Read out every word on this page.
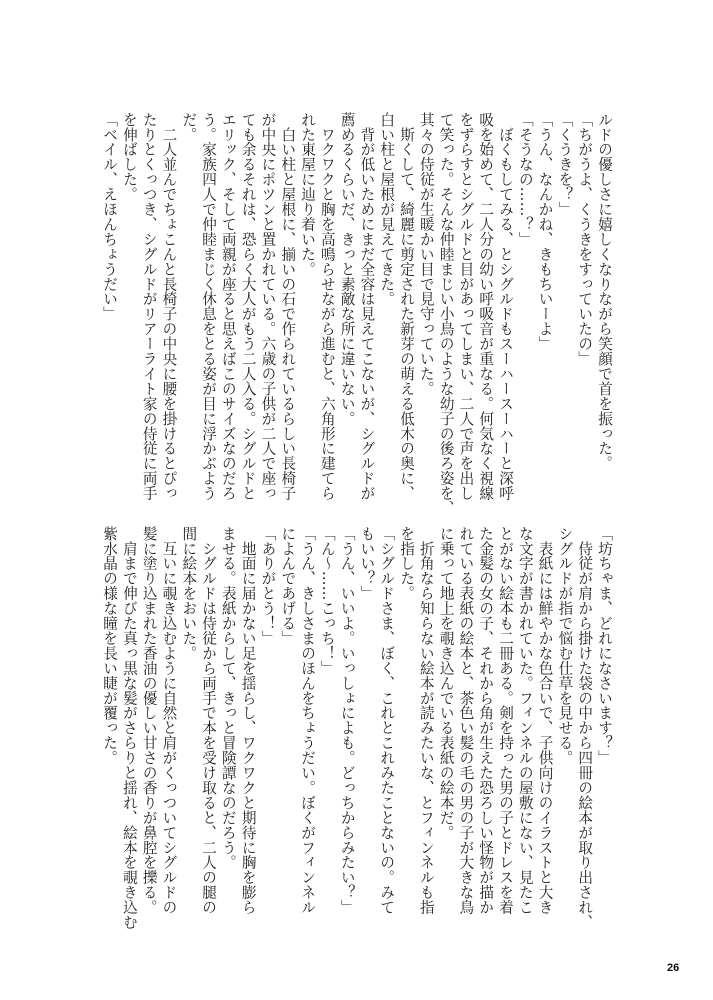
ルドの優しさに嬉しくなりながら笑顔で首を振った。
「ちがうよ、くうきをすっていたの」
「くうきを？」
「うん、なんかね、きもちいーよ」
「そうなの……？」
　ぼくもしてみる、とシグルドもスーハースーハーと深呼
吸を始めて、二人分の幼い呼吸音が重なる。何気なく視線
をずらすとシグルドと目があってしまい、二人で声を出し
て笑った。そんな仲睦まじい小鳥のような幼子の後ろ姿を、
其々の侍従が生暖かい目で見守っていた。
　斯くして、綺麗に剪定された新芽の萌える低木の奥に、
白い柱と屋根が見えてきた。
　背が低いためにまだ全容は見えてこないが、シグルドが
薦めるくらいだ、きっと素敵な所に違いない。
　ワクワクと胸を高鳴らせながら進むと、六角形に建てら
れた東屋に辿り着いた。
　白い柱と屋根に、揃いの石で作られているらしい長椅子
が中央にポツンと置かれている。六歳の子供が二人で座っ
ても余るそれは、恐らく大人がもう二人入る。シグルドと
エリック、そして両親が座ると思えばこのサイズなのだろ
う。家族四人で仲睦まじく休息をとる姿が目に浮かぶよう
だ。
　二人並んでちょこんと長椅子の中央に腰を掛けるとぴっ
たりとくっつき、シグルドがリアーライト家の侍従に両手
を伸ばした。
「ベイル、えほんちょうだい」
「坊ちゃま、どれになさいます？」
　侍従が肩から掛けた袋の中から四冊の絵本が取り出され、
シグルドが指で悩む仕草を見せる。
　表紙には鮮やかな色合いで、子供向けのイラストと大き
な文字が書かれていた。フィンネルの屋敷にない、見たこ
とがない絵本も二冊ある。剣を持った男の子とドレスを着
た金髪の女の子、それから角が生えた恐ろしい怪物が描か
れている表紙の絵本と、茶色い髪の毛の男の子が大きな鳥
に乗って地上を覗き込んでいる表紙の絵本だ。
　折角なら知らない絵本が読みたいな、とフィンネルも指
を指した。
「シグルドさま、ぼく、これとこれみたことないの。みて
もいい？」
「うん、いいよ。いっしょによも。どっちからみたい？」
「ん〜……こっち！」
「うん、きしさまのほんをちょうだい。ぼくがフィンネル
によんであげる」
「ありがとう！」
　地面に届かない足を揺らし、ワクワクと期待に胸を膨ら
ませる。表紙からして、きっと冒険譚なのだろう。
　シグルドは侍従から両手で本を受け取ると、二人の腿の
間に絵本をおいた。
　互いに覗き込むように自然と肩がくっついてシグルドの
髪に塗り込まれた香油の優しい甘さの香りが鼻腔を擽る。
　肩まで伸びた真っ黒な髪がさらりと揺れ、絵本を覗き込む
紫水晶の様な瞳を長い睫が覆った。
26
